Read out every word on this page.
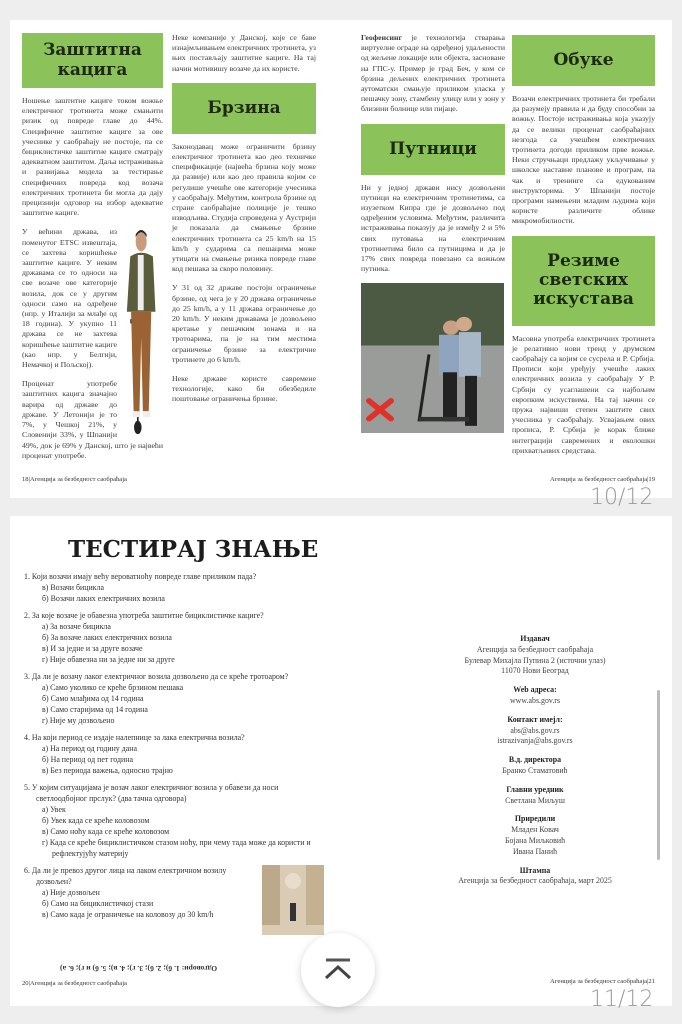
Заштитна кацига

Ношење заштитне кациге током вожње електричног тротинета може смањити ризик од повреде главе до 44%. Специфичне заштитне кациге за ове учеснике у саобраћају не постоје, па се бициклистичке заштитне кациге сматрају адекватном заштитом. Даља истраживања и развијања модела за тестирање специфичних повреда код возача електричних тротинета би могла да дају прецизнији одговор на избор адекватне заштитне кациге.

У већини држава, из поменутог ETSC извештаја, се захтева коришћење заштитне кациге. У неким државама се то односи на све возаче ове категорије возила, док се у другим односи само на одређене (нпр. у Италији за млађе од 18 година). У укупно 11 држава се не захтева коришћење заштитне кациге (као нпр. у Белгији, Немачкој и Пољској).

Проценат употребе заштитних кацига значајно варира од државе до државе. У Летонији је то 7%, у Чешкој 21%, у Словенији 33%, у Шпанији 49%, док је 69% у Данској, што је највећи проценат употребе.

18|Агенција за безбедност саобраћаја

Неке компаније у Данској, које се баве изнајмљивањем електричних тротинета, уз њих постављају заштитне кациге. На тај начин мотивишу возаче да их користе.

Брзина

Законодавац може ограничити брзину електричног тротинета као део техничке спецификације (највећа брзина коју може да развије) или као део правила којим се регулише учешће ове категорије учесника у саобраћају. Међутим, контрола брзине од стране саобраћајне полиције је тешко изводљива. Студија спроведена у Аустрији је показала да смањење брзине електричних тротинета са 25 km/h на 15 km/h у сударима са пешацима може утицати на смањење ризика повреде главе код пешака за скоро половину.

У 31 од 32 државе постоји ограничење брзине, од чега је у 20 држава ограничење до 25 km/h, а у 11 држава ограничење до 20 km/h. У неким државама је дозвољено кретање у пешачким зонама и на тротоарима, па је на тим местима ограничење брзине за електричне тротинете до 6 km/h.

Неке државе користе савремене технологије, како би обезбедиле поштовање ограничења брзине.

Геофенсинг је технологија стварања виртуелне ограде на одређеној удаљености од жељене локације или објекта, засноване на ГПС-у. Пример је град Беч, у ком се брзина дељених електричних тротинета аутоматски смањује приликом уласка у пешачку зону, стамбену улицу или у зону у близини болнице или пијаце.

Путници

Ни у једној држави нису дозвољени путници на електричним тротинетима, са изузетком Кипра где је дозвољено под одређеним условима. Међутим, различита истраживања показују да је између 2 и 5% свих путовања на електричним тротинетима било са путницима и да је 17% свих повреда повезано са вожњом путника.

Обуке

Возачи електричних тротинета би требали да разумеју правила и да буду способни за вожњу. Постоје истраживања која указују да се велики проценат саобраћајних незгода са учешћем електричних тротинета догоди приликом прве вожње. Неки стручњаци предлажу укључивање у школске наставне планове и програм, па чак и тренинге са едукованим инструкторима. У Шпанији постоје програми намењени младим људима који користе различите облике микромобилности.

Резиме светских искустава

Масовна употреба електричних тротинета је релативно нови тренд у друмском саобраћају са којим се сусрела и Р. Србија. Прописи који уређују учешће лаких електричних возила у саобраћају У Р. Србији су усаглашени са најбољим европким искуствима. На тај начин се пружа највиши степен заштите свих учесника у саобраћају. Усвајањем ових прописа, Р. Србија је корак ближе интеграцији савремених и еколошки прихватљивих средстава.

Агенција за безбедност саобраћаја|19
10/12
ТЕСТИРАЈ ЗНАЊЕ
1. Који возачи имају већу вероватноћу повреде главе приликом пада?
в) Возачи бицикла
б) Возачи лаких електричних возила
2. За које возаче је обавезна употреба заштитне бициклистичке кациге?
а) За возаче бицикла
б) За возаче лаких електричних возила
в) И за једне и за друге возаче
г) Није обавезна ни за једне ни за друге
3. Да ли је возачу лаког електричног возила дозвољено да се креће тротоаром?
а) Само уколико се креће брзином пешака
б) Само млађима од 14 година
в) Само старијима од 14 година
г) Није му дозвољено
4. На који период се издаје налепнице за лака електрична возила?
а) На период од годину дана
б) На период од пет година
в) Без периода важења, односно трајно
5. У којим ситуацијама је возач лаког електричног возила у обавези да носи светлоодбојног прслук? (два тачна одговора)
а) Увек
б) Увек када се креће коловозом
в) Само ноћу када се креће коловозом
г) Када се креће бициклистичком стазом ноћу, при чему тада може да користи и рефлектујућу материју
6. Да ли је превоз другог лица на лаком електричном возилу дозвољен?
а) Није дозвољен
б) Само на бициклистичкој стази
в) Само када је ограничење на коловозу до 30 km/h
Одговори: 1. б); 2. б); 3. г); 4. в); 5. б) и г); 6. а)
20|Агенција за безбедност саобраћаја
Издавач
Агенција за безбедност саобраћаја
Булевар Михајла Пупина 2 (источни улаз)
11070 Нови Београд
Web адреса:
www.abs.gov.rs
Контакт имејл:
abs@abs.gov.rs
istrazivanja@abs.gov.rs
В.д. директора
Бранко Стаматовић
Главни уредник
Светлана Миљуш
Приредили
Младен Ковач
Бојана Миљковић
Ивана Панић
Штампа
Агенција за безбедност саобраћаја, март 2025
Агенција за безбедност саобраћаја|21
11/12
